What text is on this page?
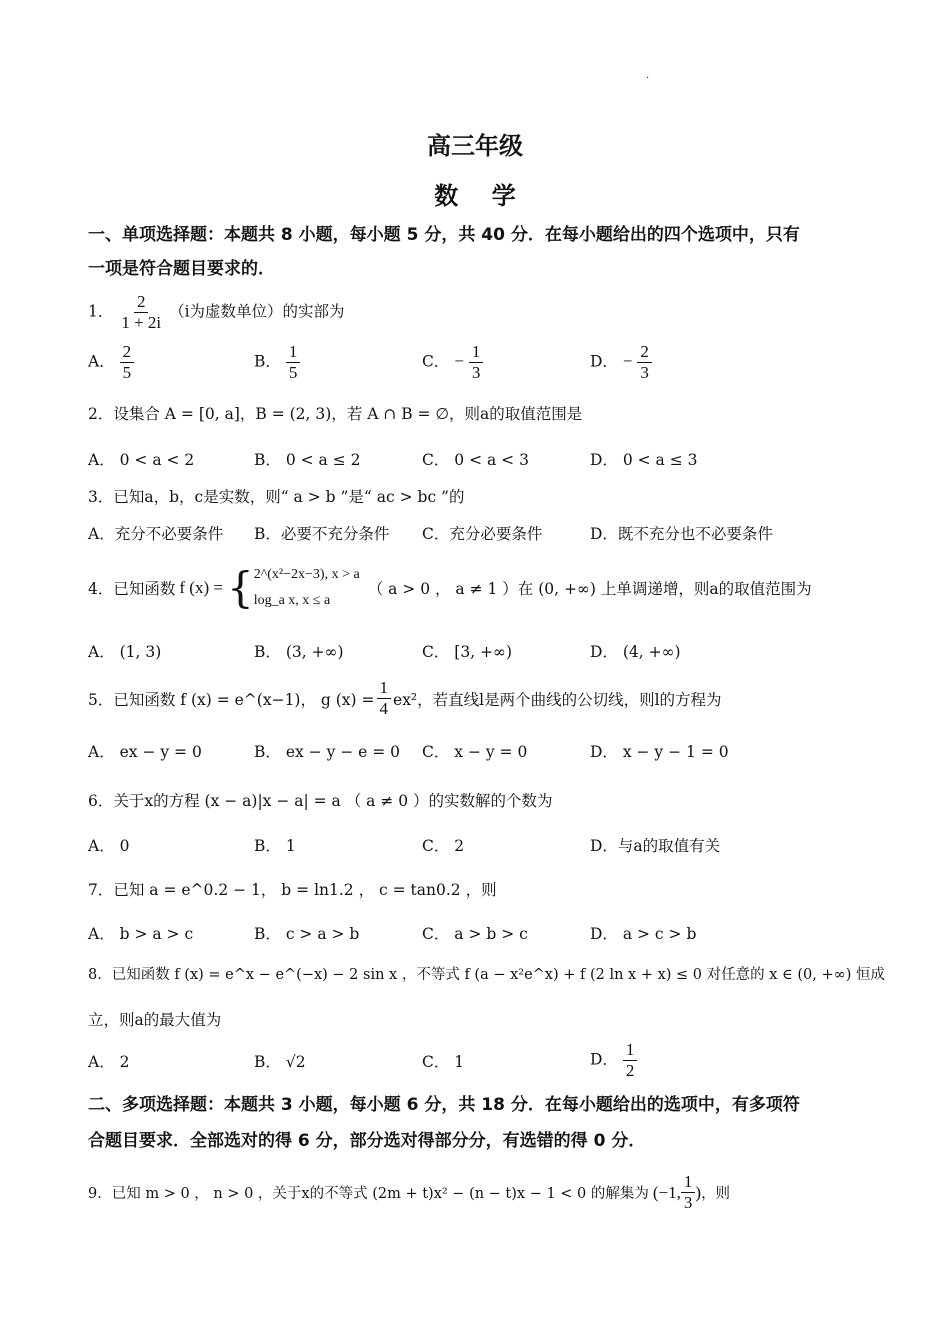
.
高三年级
数    学
一、单项选择题：本题共 8 小题，每小题 5 分，共 40 分．在每小题给出的四个选项中，只有
一项是符合题目要求的．
1． $\frac{2}{1 + 2i} (i$为虚数单位）的实部为
A． $\frac{2}{5}$	B． $\frac{1}{5}$	C． − $\frac{1}{3}$	D． − $\frac{2}{3}$
2．设集合 A = [0, a]，B = (2, 3)，若 A ∩ B = ∅，则a的取值范围是
A． 0 < a < 2	B． 0 < a ≤ 2	C． 0 < a < 3	D． 0 < a ≤ 3
3．已知a，b，c是实数，则“ a > b ”是“ ac > bc ”的
A．充分不必要条件 B．必要不充分条件 C．充分必要条件	D．既不充分也不必要条件
4．已知函数 f (x) = { 2^(x²−2x−3), x > a
log_a x, x ≤ a
（ a > 0 ， a ≠ 1 ）在 (0, +∞) 上单调递增，则a的取值范围为
A． (1, 3)	B． (3, +∞)	C． [3, +∞)	D． (4, +∞)
5．已知函数 f (x) = e^(x−1)， g $(x) = \frac{1}{4} ex^2$，若直线l是两个曲线的公切线，则l的方程为
A． ex − y = 0	B． ex − y − e = 0 C． x − y = 0	D． x − y − 1 = 0
6．关于x的方程 (x − a)|x − a| = a （ a ≠ 0 ）的实数解的个数为
A． 0	B． 1	C． 2	D．与a的取值有关
7．已知 a = e^0.2 − 1， b = ln1.2 ， c = tan0.2 ，则
A． b > a > c	B． c > a > b	C． a > b > c	D． a > c > b
8．已知函数 f (x) = e^x − e^(−x) − 2 sin x ，不等式 f (a − x²e^x) + f (2 ln x + x) ≤ 0 对任意的 x ∈ (0, +∞) 恒成
立，则a的最大值为
A． 2	B． √2	C． 1	D． $\frac{1}{2}$
二、多项选择题：本题共 3 小题，每小题 6 分，共 18 分．在每小题给出的选项中，有多项符
合题目要求．全部选对的得 6 分，部分选对得部分分，有选错的得 0 分．
9．已知 m > 0 ， n > 0 ，关于x的不等式 (2m + t)x² − (n − t)x − 1 < 0 的解集为 (−1, $\frac{1}{3}$ ) ，则
